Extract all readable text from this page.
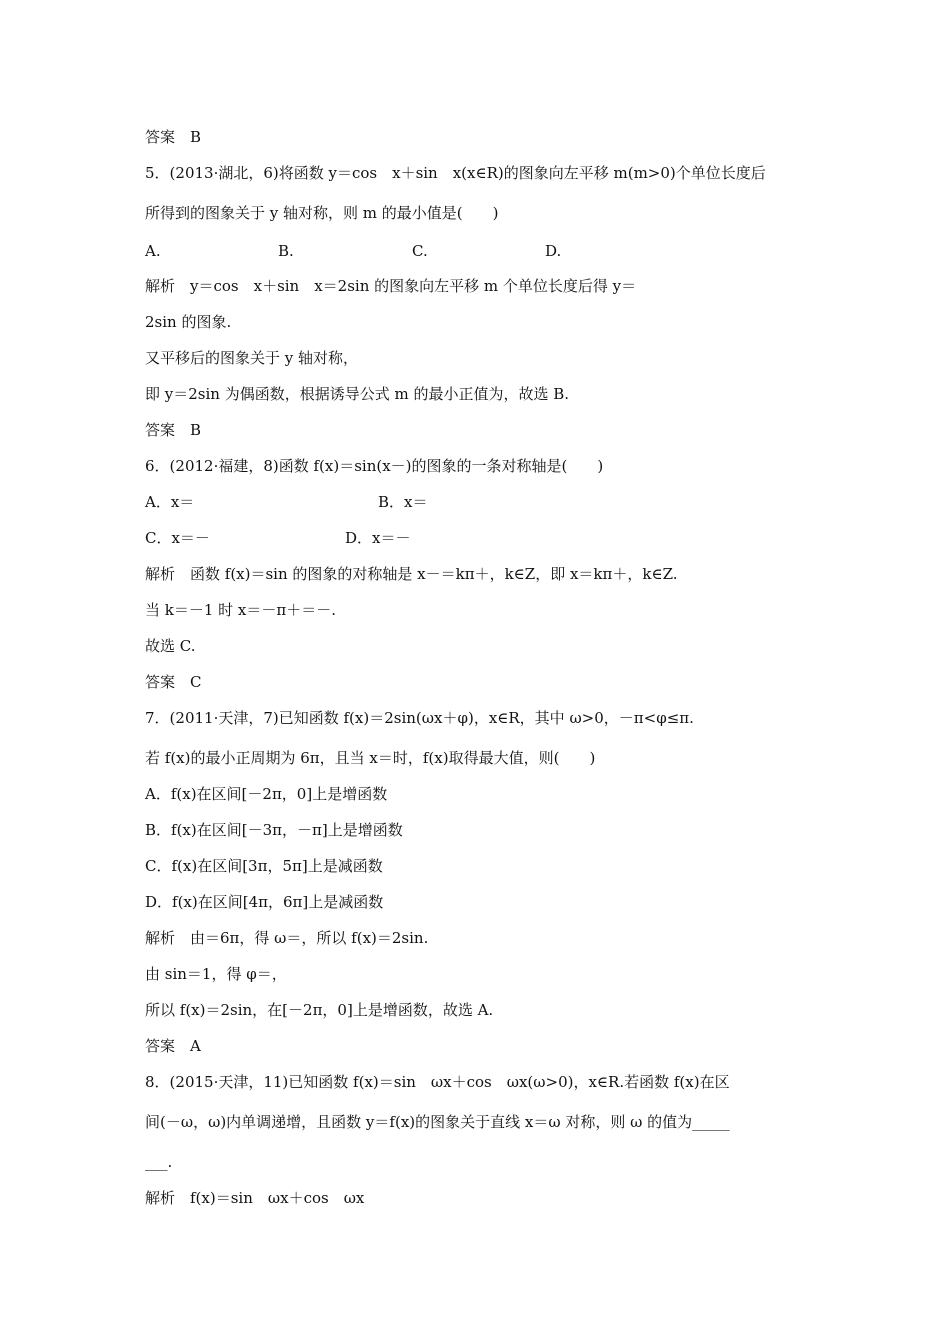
答案　B
5．(2013·湖北，6)将函数 y＝cos　x＋sin　x(x∈R)的图象向左平移 m(m>0)个单位长度后
所得到的图象关于 y 轴对称，则 m 的最小值是(　　)
A.	B.	C.	D.
解析　y＝cos　x＋sin　x＝2sin 的图象向左平移 m 个单位长度后得 y＝
2sin 的图象.
又平移后的图象关于 y 轴对称，
即 y＝2sin 为偶函数，根据诱导公式 m 的最小正值为，故选 B.
答案　B
6．(2012·福建，8)函数 f(x)＝sin(x－)的图象的一条对称轴是(　　)
A．x＝	B．x＝
C．x＝－	D．x＝－
解析　函数 f(x)＝sin 的图象的对称轴是 x－＝kπ＋，k∈Z，即 x＝kπ＋，k∈Z.
当 k＝－1 时 x＝－π＋＝－.
故选 C.
答案　C
7．(2011·天津，7)已知函数 f(x)＝2sin(ωx＋φ)，x∈R，其中 ω>0，－π<φ≤π.
若 f(x)的最小正周期为 6π，且当 x＝时，f(x)取得最大值，则(　　)
A．f(x)在区间[－2π，0]上是增函数
B．f(x)在区间[－3π，－π]上是增函数
C．f(x)在区间[3π，5π]上是减函数
D．f(x)在区间[4π，6π]上是减函数
解析　由＝6π，得 ω＝，所以 f(x)＝2sin.
由 sin＝1，得 φ＝，
所以 f(x)＝2sin，在[－2π，0]上是增函数，故选 A.
答案　A
8．(2015·天津，11)已知函数 f(x)＝sin　ωx＋cos　ωx(ω>0)，x∈R.若函数 f(x)在区
间(－ω，ω)内单调递增，且函数 y＝f(x)的图象关于直线 x＝ω 对称，则 ω 的值为_____
___.
解析　f(x)＝sin　ωx＋cos　ωx
